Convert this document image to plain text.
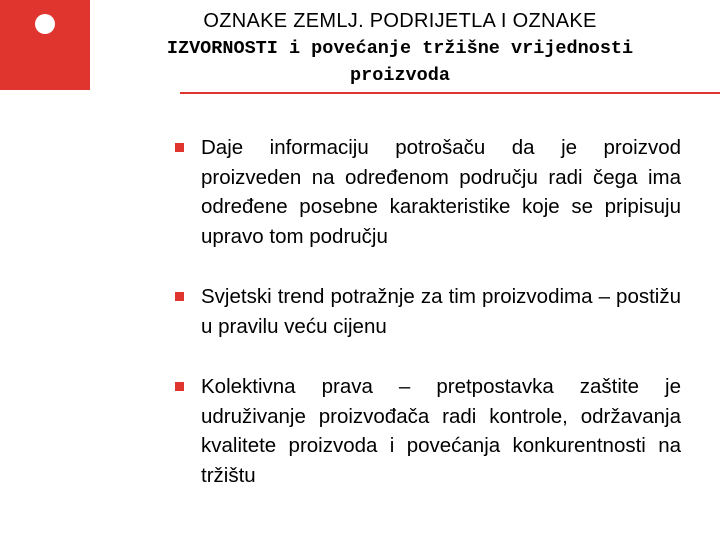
OZNAKE ZEMLJ. PODRIJETLA I OZNAKE
IZVORNOSTI i povećanje tržišne vrijednosti
proizvoda
Daje informaciju potrošaču da je proizvod proizveden na određenom području radi čega ima određene posebne karakteristike koje se pripisuju upravo tom području
Svjetski trend potražnje za tim proizvodima – postižu u pravilu veću cijenu
Kolektivna prava – pretpostavka zaštite je udruživanje proizvođača radi kontrole, održavanja kvalitete proizvoda i povećanja konkurentnosti na tržištu
